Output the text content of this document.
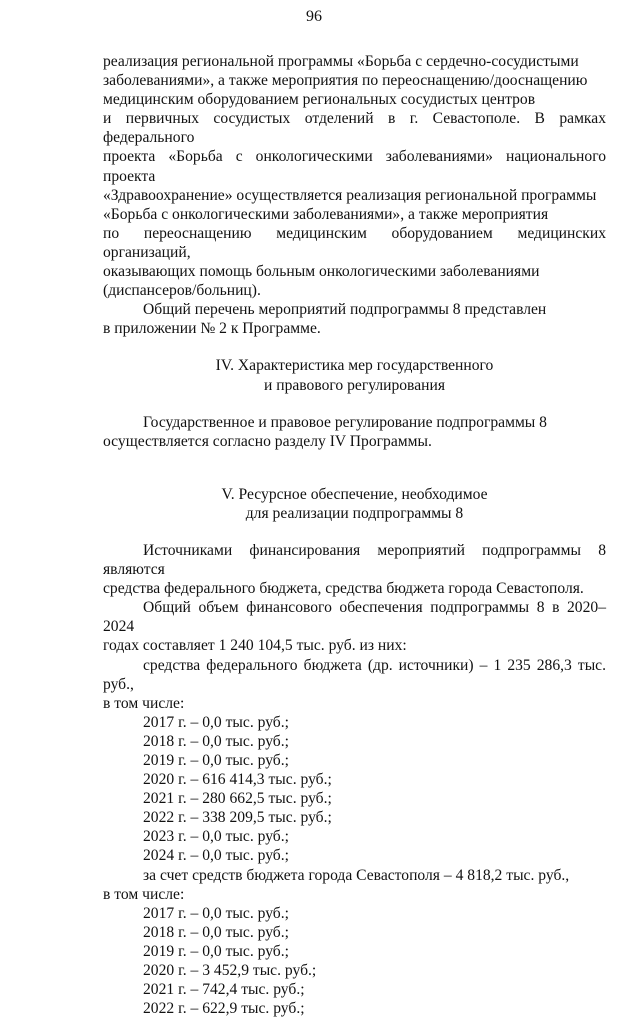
96

реализация региональной программы «Борьба с сердечно-сосудистыми

заболеваниями», а также мероприятия по переоснащению/дооснащению

медицинским оборудованием региональных сосудистых центров

и первичных сосудистых отделений в г. Севастополе. В рамках федерального

проекта «Борьба с онкологическими заболеваниями» национального проекта

«Здравоохранение» осуществляется реализация региональной программы

«Борьба с онкологическими заболеваниями», а также мероприятия

по переоснащению медицинским оборудованием медицинских организаций,

оказывающих помощь больным онкологическими заболеваниями

(диспансеров/больниц).

Общий перечень мероприятий подпрограммы 8 представлен

в приложении № 2 к Программе.

IV. Характеристика мер государственного

и правового регулирования

Государственное и правовое регулирование подпрограммы 8

осуществляется согласно разделу IV Программы.

V. Ресурсное обеспечение, необходимое

для реализации подпрограммы 8

Источниками финансирования мероприятий подпрограммы 8 являются

средства федерального бюджета, средства бюджета города Севастополя.

Общий объем финансового обеспечения подпрограммы 8 в 2020–2024

годах составляет 1 240 104,5 тыс. руб. из них:

средства федерального бюджета (др. источники) – 1 235 286,3 тыс. руб.,

в том числе:

2017 г. – 0,0 тыс. руб.;

2018 г. – 0,0 тыс. руб.;

2019 г. – 0,0 тыс. руб.;

2020 г. – 616 414,3 тыс. руб.;

2021 г. – 280 662,5 тыс. руб.;

2022 г. – 338 209,5 тыс. руб.;

2023 г. – 0,0 тыс. руб.;

2024 г. – 0,0 тыс. руб.;

за счет средств бюджета города Севастополя – 4 818,2 тыс. руб.,

в том числе:

2017 г. – 0,0 тыс. руб.;

2018 г. – 0,0 тыс. руб.;

2019 г. – 0,0 тыс. руб.;

2020 г. – 3 452,9 тыс. руб.;

2021 г. – 742,4 тыс. руб.;

2022 г. – 622,9 тыс. руб.;
